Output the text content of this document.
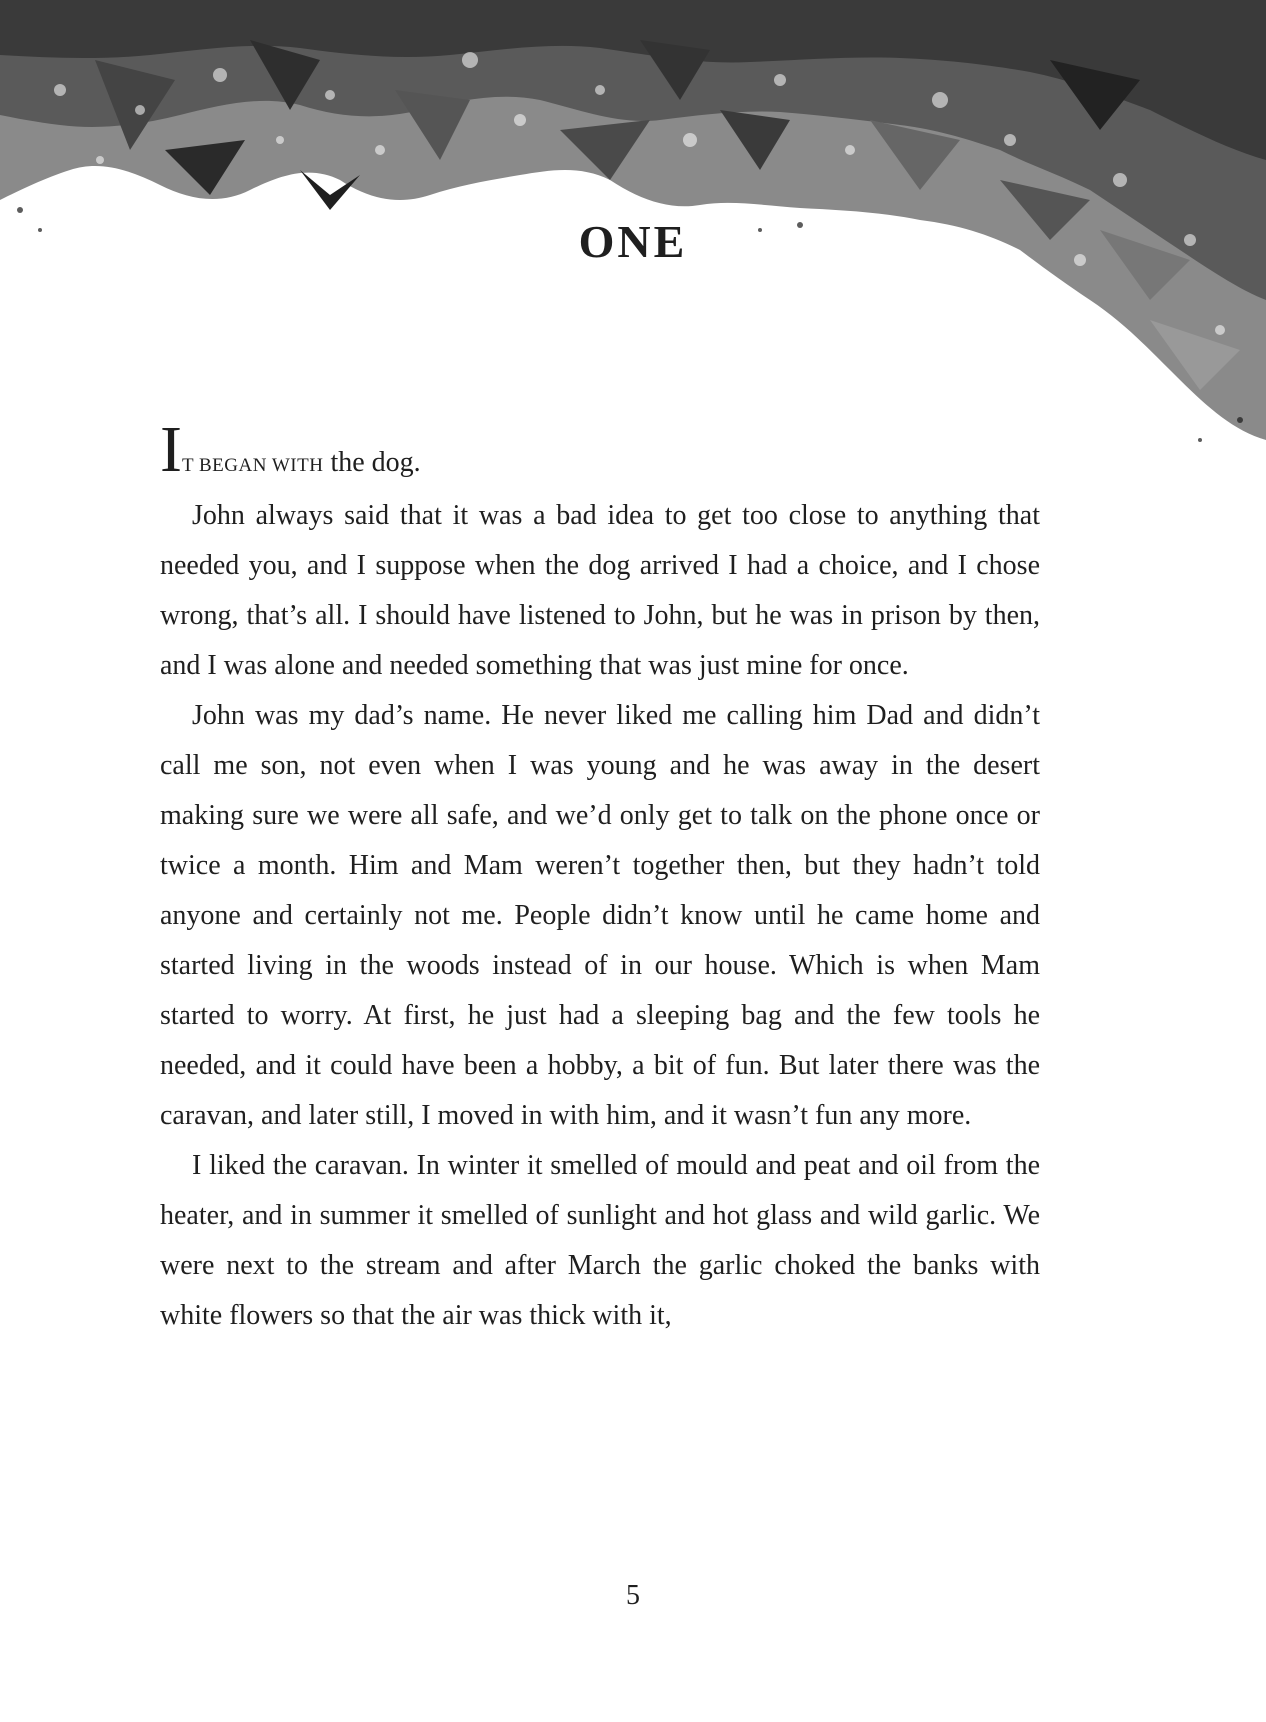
ONE

IT BEGAN WITH the dog.

John always said that it was a bad idea to get too close to anything that needed you, and I suppose when the dog arrived I had a choice, and I chose wrong, that’s all. I should have listened to John, but he was in prison by then, and I was alone and needed something that was just mine for once.

John was my dad’s name. He never liked me calling him Dad and didn’t call me son, not even when I was young and he was away in the desert making sure we were all safe, and we’d only get to talk on the phone once or twice a month. Him and Mam weren’t together then, but they hadn’t told anyone and certainly not me. People didn’t know until he came home and started living in the woods instead of in our house. Which is when Mam started to worry. At first, he just had a sleeping bag and the few tools he needed, and it could have been a hobby, a bit of fun. But later there was the caravan, and later still, I moved in with him, and it wasn’t fun any more.

I liked the caravan. In winter it smelled of mould and peat and oil from the heater, and in summer it smelled of sunlight and hot glass and wild garlic. We were next to the stream and after March the garlic choked the banks with white flowers so that the air was thick with it,

5
